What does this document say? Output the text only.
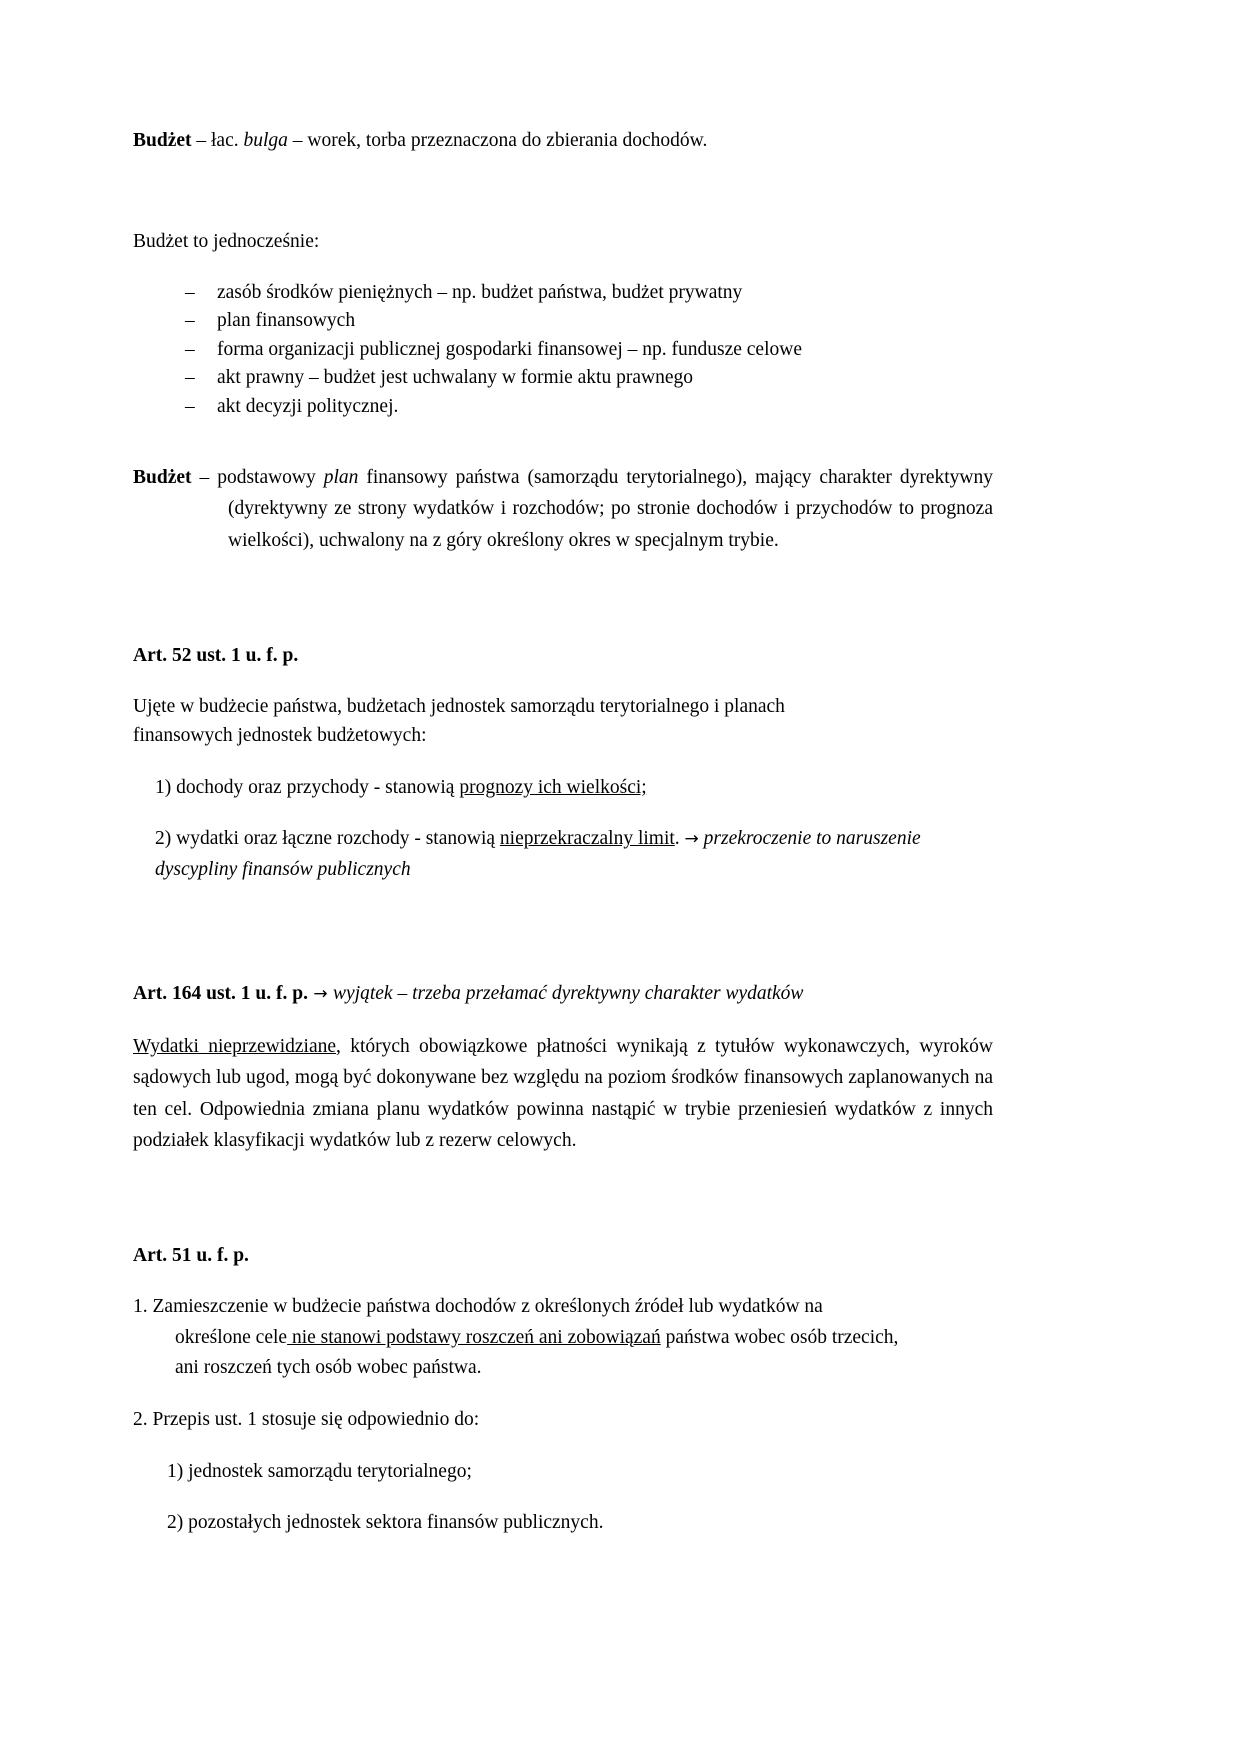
Budżet – łac. bulga – worek, torba przeznaczona do zbierania dochodów.

Budżet to jednocześnie:

– zasób środków pieniężnych – np. budżet państwa, budżet prywatny
– plan finansowych
– forma organizacji publicznej gospodarki finansowej – np. fundusze celowe
– akt prawny – budżet jest uchwalany w formie aktu prawnego
– akt decyzji politycznej.

Budżet – podstawowy plan finansowy państwa (samorządu terytorialnego), mający charakter dyrektywny (dyrektywny ze strony wydatków i rozchodów; po stronie dochodów i przychodów to prognoza wielkości), uchwalony na z góry określony okres w specjalnym trybie.

Art. 52 ust. 1 u. f. p.

Ujęte w budżecie państwa, budżetach jednostek samorządu terytorialnego i planach

finansowych jednostek budżetowych:

1) dochody oraz przychody - stanowią prognozy ich wielkości;

2) wydatki oraz łączne rozchody - stanowią nieprzekraczalny limit. → przekroczenie to naruszenie dyscypliny finansów publicznych

Art. 164 ust. 1 u. f. p. → wyjątek – trzeba przełamać dyrektywny charakter wydatków

Wydatki nieprzewidziane, których obowiązkowe płatności wynikają z tytułów wykonawczych, wyroków sądowych lub ugod, mogą być dokonywane bez względu na poziom środków finansowych zaplanowanych na ten cel. Odpowiednia zmiana planu wydatków powinna nastąpić w trybie przeniesień wydatków z innych podziałek klasyfikacji wydatków lub z rezerw celowych.

Art. 51 u. f. p.

1. Zamieszczenie w budżecie państwa dochodów z określonych źródeł lub wydatków na
określone cele nie stanowi podstawy roszczeń ani zobowiązań państwa wobec osób trzecich,
ani roszczeń tych osób wobec państwa.

2. Przepis ust. 1 stosuje się odpowiednio do:

1) jednostek samorządu terytorialnego;

2) pozostałych jednostek sektora finansów publicznych.
